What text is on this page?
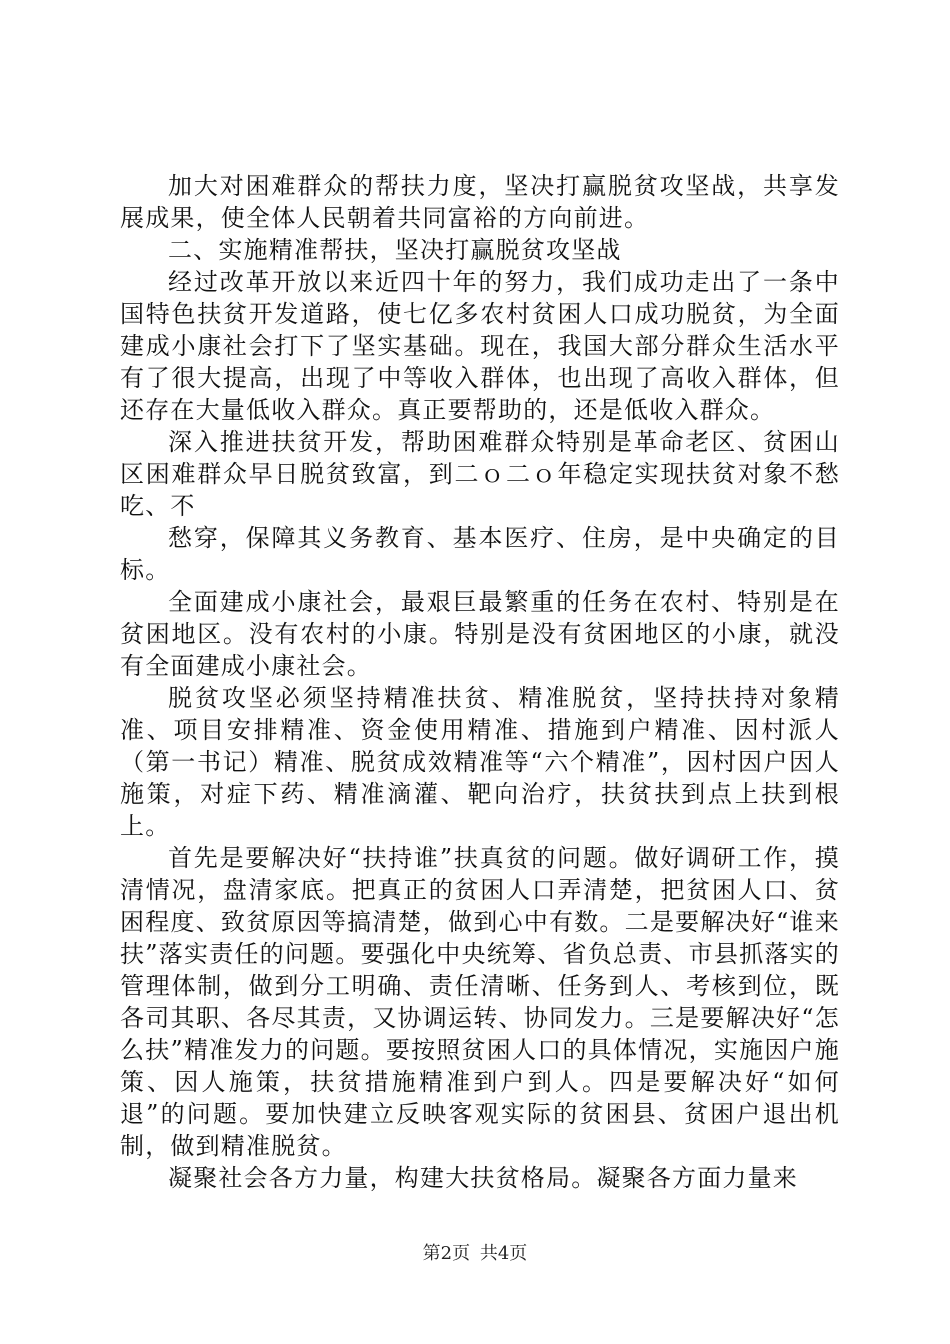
加大对困难群众的帮扶力度，坚决打赢脱贫攻坚战，共享发展成果，使全体人民朝着共同富裕的方向前进。

二、实施精准帮扶，坚决打赢脱贫攻坚战

经过改革开放以来近四十年的努力，我们成功走出了一条中国特色扶贫开发道路，使七亿多农村贫困人口成功脱贫，为全面建成小康社会打下了坚实基础。现在，我国大部分群众生活水平有了很大提高，出现了中等收入群体，也出现了高收入群体，但还存在大量低收入群众。真正要帮助的，还是低收入群众。

深入推进扶贫开发，帮助困难群众特别是革命老区、贫困山区困难群众早日脱贫致富，到二ｏ二ｏ年稳定实现扶贫对象不愁吃、不

愁穿，保障其义务教育、基本医疗、住房，是中央确定的目标。

全面建成小康社会，最艰巨最繁重的任务在农村、特别是在贫困地区。没有农村的小康。特别是没有贫困地区的小康，就没有全面建成小康社会。

脱贫攻坚必须坚持精准扶贫、精准脱贫，坚持扶持对象精准、项目安排精准、资金使用精准、措施到户精准、因村派人（第一书记）精准、脱贫成效精准等“六个精准”，因村因户因人施策，对症下药、精准滴灌、靶向治疗，扶贫扶到点上扶到根上。

首先是要解决好“扶持谁”扶真贫的问题。做好调研工作，摸清情况，盘清家底。把真正的贫困人口弄清楚，把贫困人口、贫困程度、致贫原因等搞清楚，做到心中有数。二是要解决好“谁来扶”落实责任的问题。要强化中央统筹、省负总责、市县抓落实的管理体制，做到分工明确、责任清晰、任务到人、考核到位，既各司其职、各尽其责，又协调运转、协同发力。三是要解决好“怎么扶”精准发力的问题。要按照贫困人口的具体情况，实施因户施策、因人施策，扶贫措施精准到户到人。四是要解决好“如何退”的问题。要加快建立反映客观实际的贫困县、贫困户退出机制，做到精准脱贫。

凝聚社会各方力量，构建大扶贫格局。凝聚各方面力量来

第2页 共4页
